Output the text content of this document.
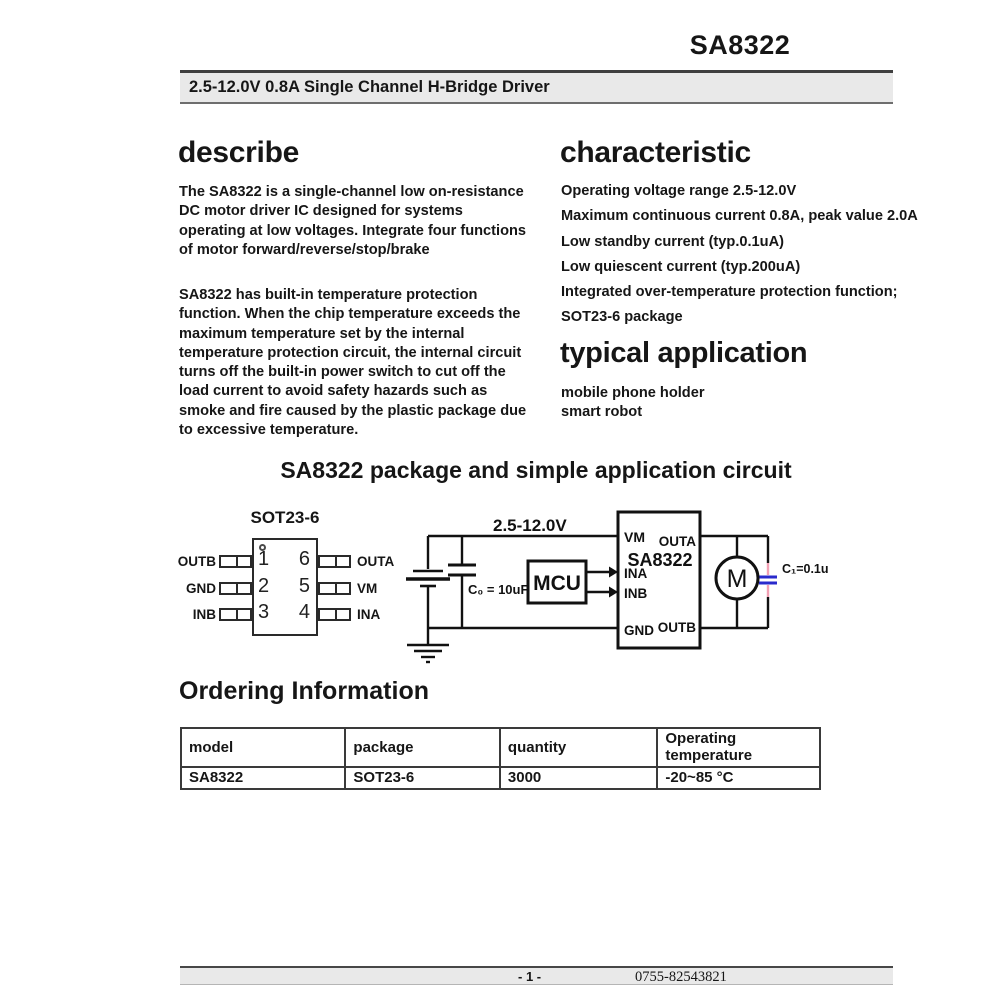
SA8322
2.5-12.0V 0.8A Single Channel H-Bridge Driver
describe
The SA8322 is a single-channel low on-resistance DC motor driver IC designed for systems operating at low voltages. Integrate four functions of motor forward/reverse/stop/brake
SA8322 has built-in temperature protection function. When the chip temperature exceeds the maximum temperature set by the internal temperature protection circuit, the internal circuit turns off the built-in power switch to cut off the load current to avoid safety hazards such as smoke and fire caused by the plastic package due to excessive temperature.
characteristic
Operating voltage range 2.5-12.0V
Maximum continuous current 0.8A, peak value 2.0A
Low standby current (typ.0.1uA)
Low quiescent current (typ.200uA)
Integrated over-temperature protection function;
SOT23-6 package
typical application
mobile phone holder
smart robot
SA8322 package and simple application circuit
SOT23-6
1
2
3
6
5
4
OUTB
GND
INB
OUTA
VM
INA
2.5-12.0V
C₀ = 10uF MCU
VM OUTA
SA8322
INA
INB
GND OUTB
M	C₁=0.1u
Ordering Information
model	package	quantity	Operating temperature
SA8322	SOT23-6	3000	-20~85 °C
- 1 -	0755-82543821
